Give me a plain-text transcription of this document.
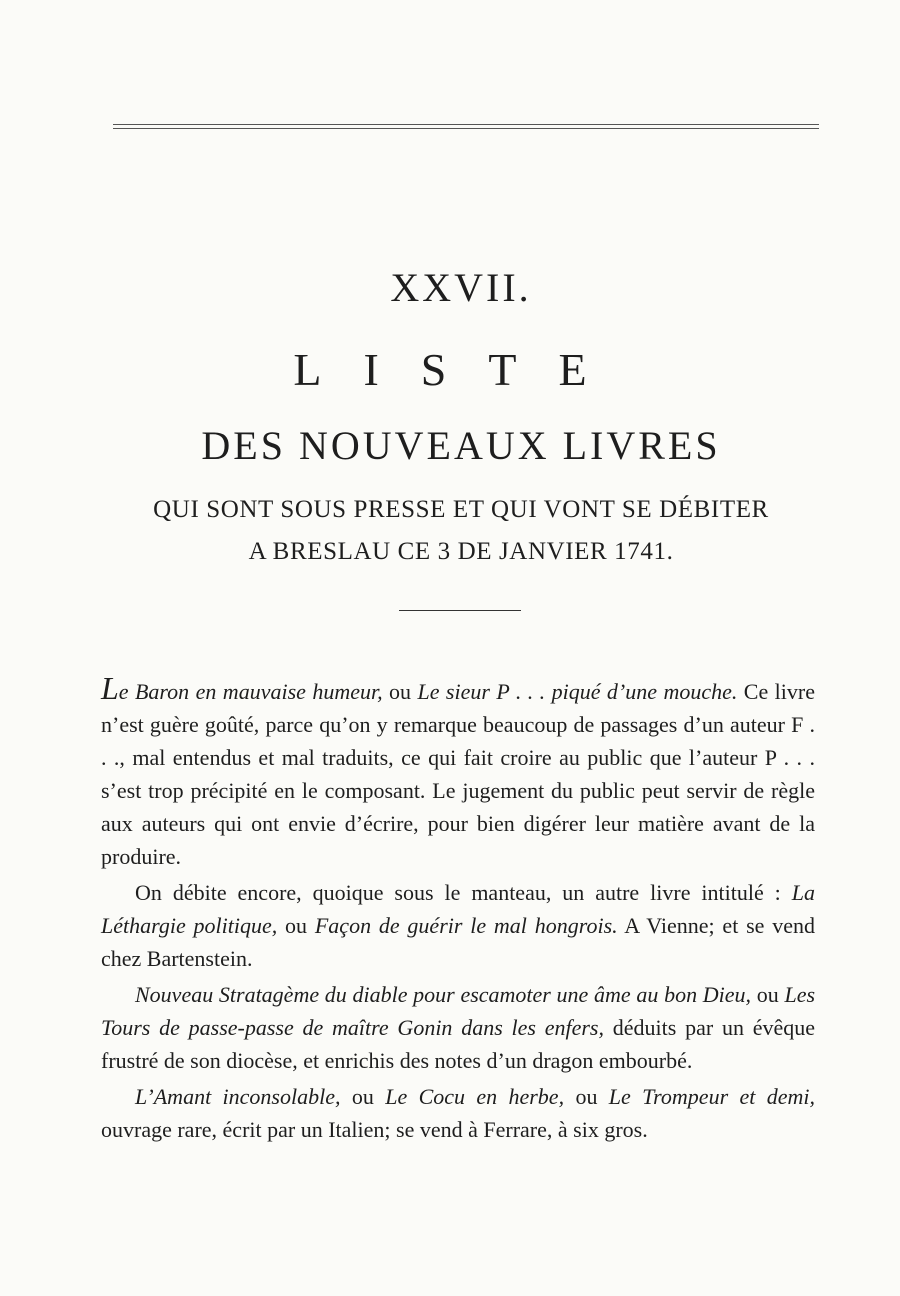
XXVII.
LISTE
DES NOUVEAUX LIVRES
QUI SONT SOUS PRESSE ET QUI VONT SE DÉBITER
A BRESLAU CE 3 DE JANVIER 1741.

Le Baron en mauvaise humeur, ou Le sieur P . . . piqué d’une mouche. Ce livre n’est guère goûté, parce qu’on y remarque beaucoup de passages d’un auteur F . . ., mal entendus et mal traduits, ce qui fait croire au public que l’auteur P . . . s’est trop précipité en le composant. Le jugement du public peut servir de règle aux auteurs qui ont envie d’écrire, pour bien digérer leur matière avant de la produire.

On débite encore, quoique sous le manteau, un autre livre intitulé : La Léthargie politique, ou Façon de guérir le mal hongrois. A Vienne; et se vend chez Bartenstein.

Nouveau Stratagème du diable pour escamoter une âme au bon Dieu, ou Les Tours de passe-passe de maître Gonin dans les enfers, déduits par un évêque frustré de son diocèse, et enrichis des notes d’un dragon embourbé.

L’Amant inconsolable, ou Le Cocu en herbe, ou Le Trompeur et demi, ouvrage rare, écrit par un Italien; se vend à Ferrare, à six gros.
